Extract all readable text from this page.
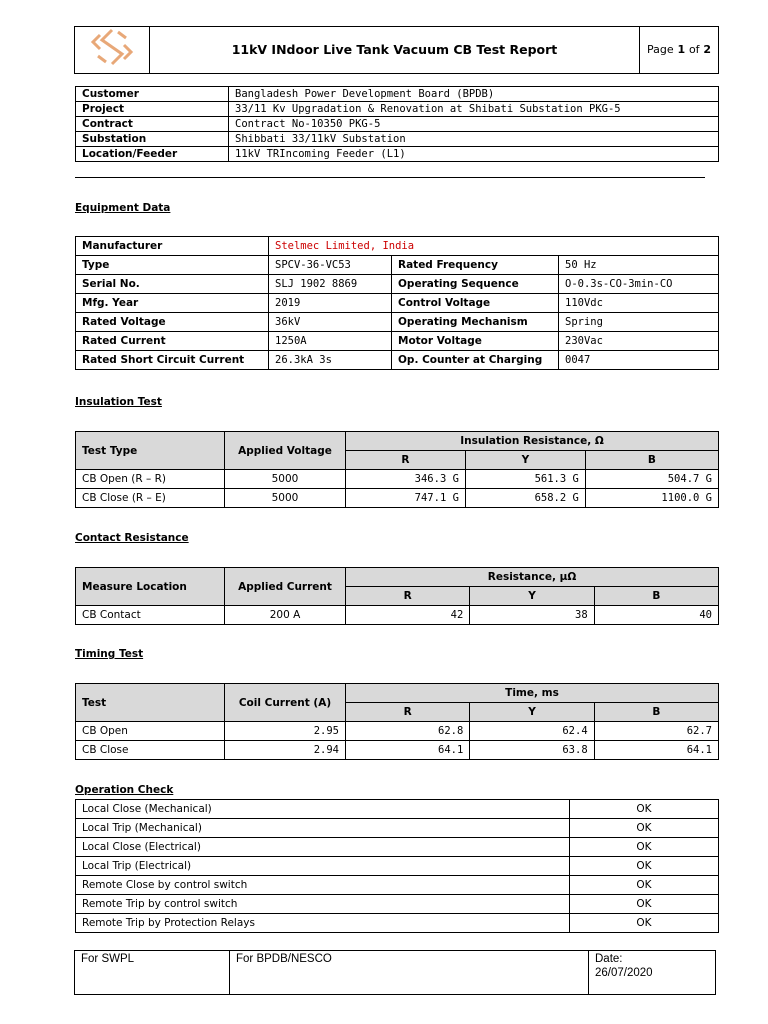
	11kV INdoor Live Tank Vacuum CB Test Report	Page 1 of 2
Customer	Bangladesh Power Development Board (BPDB)
Project	33/11 Kv Upgradation & Renovation at Shibati Substation PKG-5
Contract	Contract No-10350 PKG-5
Substation	Shibbati 33/11kV Substation
Location/Feeder	11kV TRIncoming Feeder (L1)
Equipment Data
Manufacturer	Stelmec Limited, India		
Type	SPCV-36-VC53	Rated Frequency	50 Hz
Serial No.	SLJ 1902 8869	Operating Sequence	O-0.3s-CO-3min-CO
Mfg. Year	2019	Control Voltage	110Vdc
Rated Voltage	36kV	Operating Mechanism	Spring
Rated Current	1250A	Motor Voltage	230Vac
Rated Short Circuit Current	26.3kA 3s	Op. Counter at Charging	0047
Insulation Test
Test Type	Applied Voltage	Insulation Resistance, Ω		
		R	Y	B
CB Open (R – R)	5000	346.3 G	561.3 G	504.7 G
CB Close (R – E)	5000	747.1 G	658.2 G	1100.0 G
Contact Resistance
Measure Location	Applied Current	Resistance, µΩ		
		R	Y	B
CB Contact	200 A	42	38	40
Timing Test
Test	Coil Current (A)	Time, ms		
		R	Y	B
CB Open	2.95	62.8	62.4	62.7
CB Close	2.94	64.1	63.8	64.1
Operation Check
Local Close (Mechanical)	OK
Local Trip (Mechanical)	OK
Local Close (Electrical)	OK
Local Trip (Electrical)	OK
Remote Close by control switch	OK
Remote Trip by control switch	OK
Remote Trip by Protection Relays	OK
For SWPL	For BPDB/NESCO	Date:
26/07/2020
